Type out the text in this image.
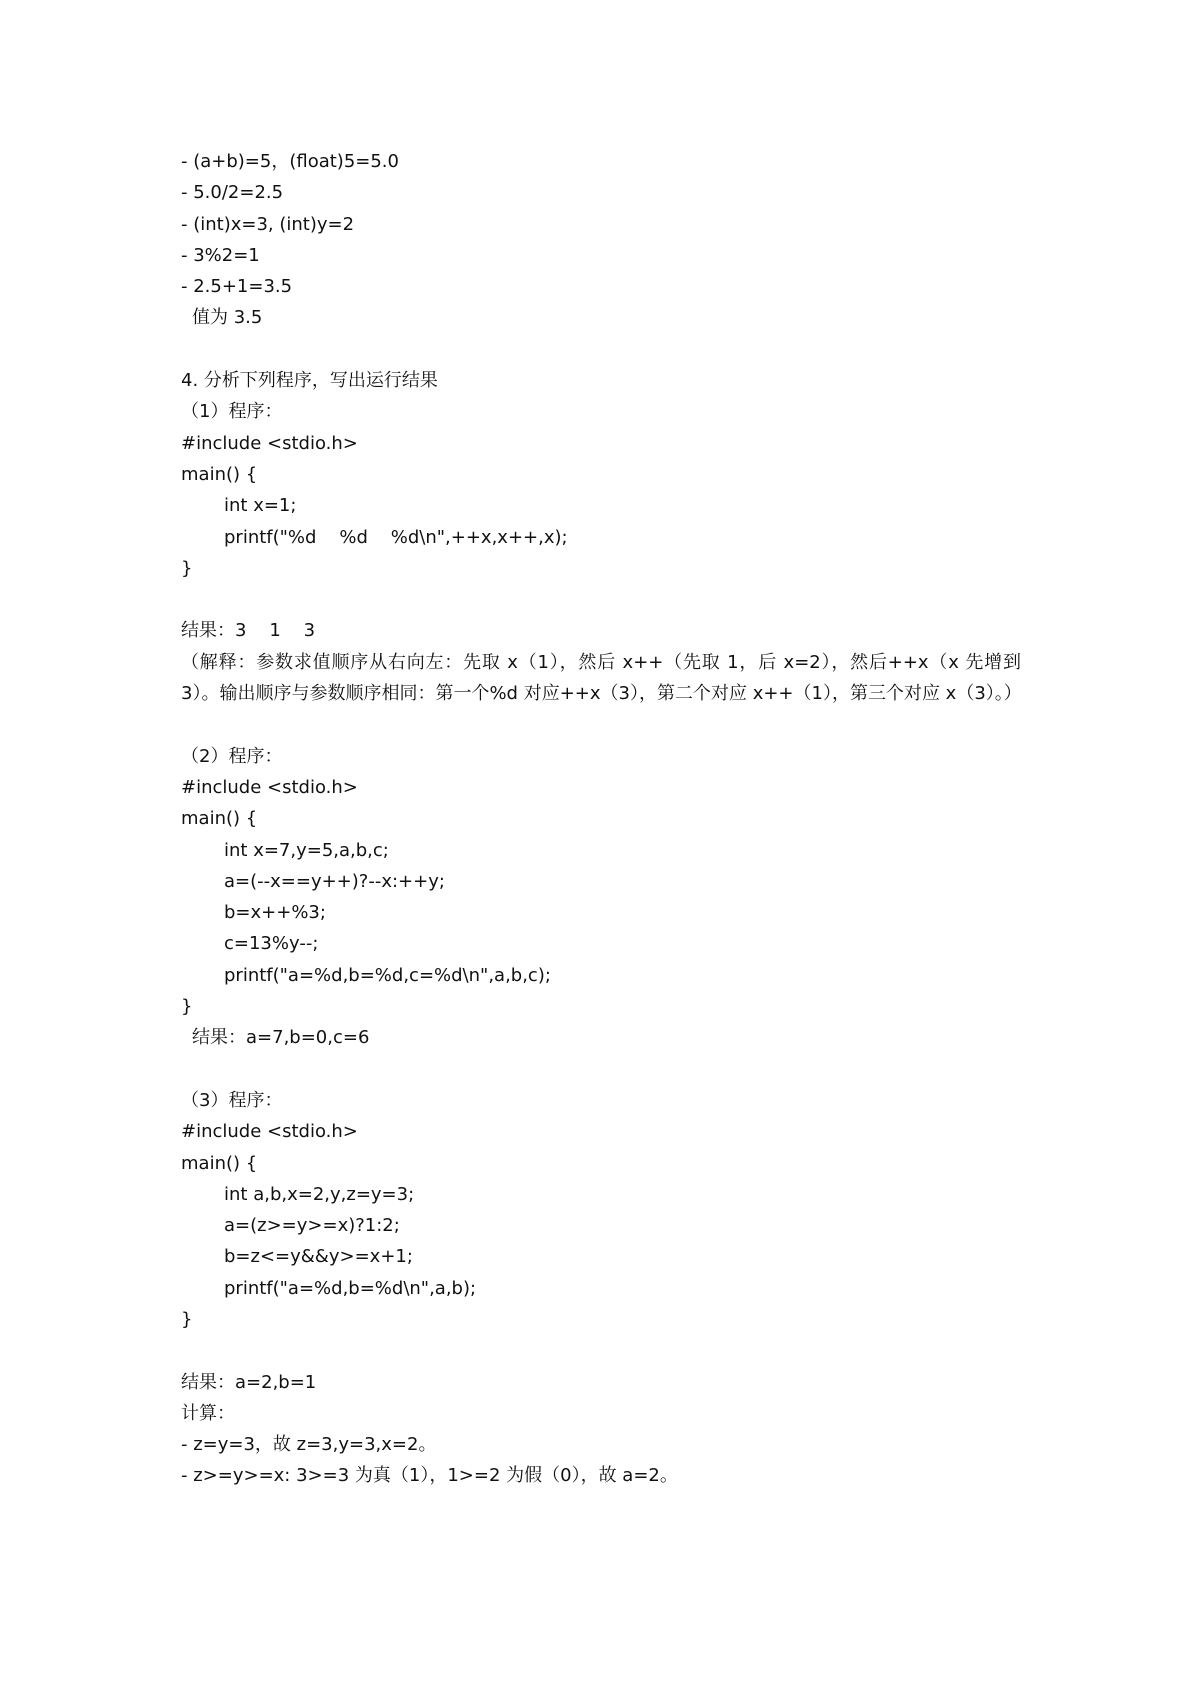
- (a+b)=5，(float)5=5.0
- 5.0/2=2.5
- (int)x=3, (int)y=2
- 3%2=1
- 2.5+1=3.5
值为 3.5
4. 分析下列程序，写出运行结果
（1）程序：
#include <stdio.h>
main() {
int x=1;
printf("%d    %d    %d\n",++x,x++,x);
}
结果：3    1    3
（解释：参数求值顺序从右向左：先取 x（1），然后 x++（先取 1，后 x=2），然后++x（x 先增到 3）。输出顺序与参数顺序相同：第一个%d 对应++x（3），第二个对应 x++（1），第三个对应 x（3）。）
（2）程序：
#include <stdio.h>
main() {
int x=7,y=5,a,b,c;
a=(--x==y++)?--x:++y;
b=x++%3;
c=13%y--;
printf("a=%d,b=%d,c=%d\n",a,b,c);
}
结果：a=7,b=0,c=6
（3）程序：
#include <stdio.h>
main() {
int a,b,x=2,y,z=y=3;
a=(z>=y>=x)?1:2;
b=z<=y&&y>=x+1;
printf("a=%d,b=%d\n",a,b);
}
结果：a=2,b=1
计算：
- z=y=3，故 z=3,y=3,x=2。
- z>=y>=x: 3>=3 为真（1），1>=2 为假（0），故 a=2。
